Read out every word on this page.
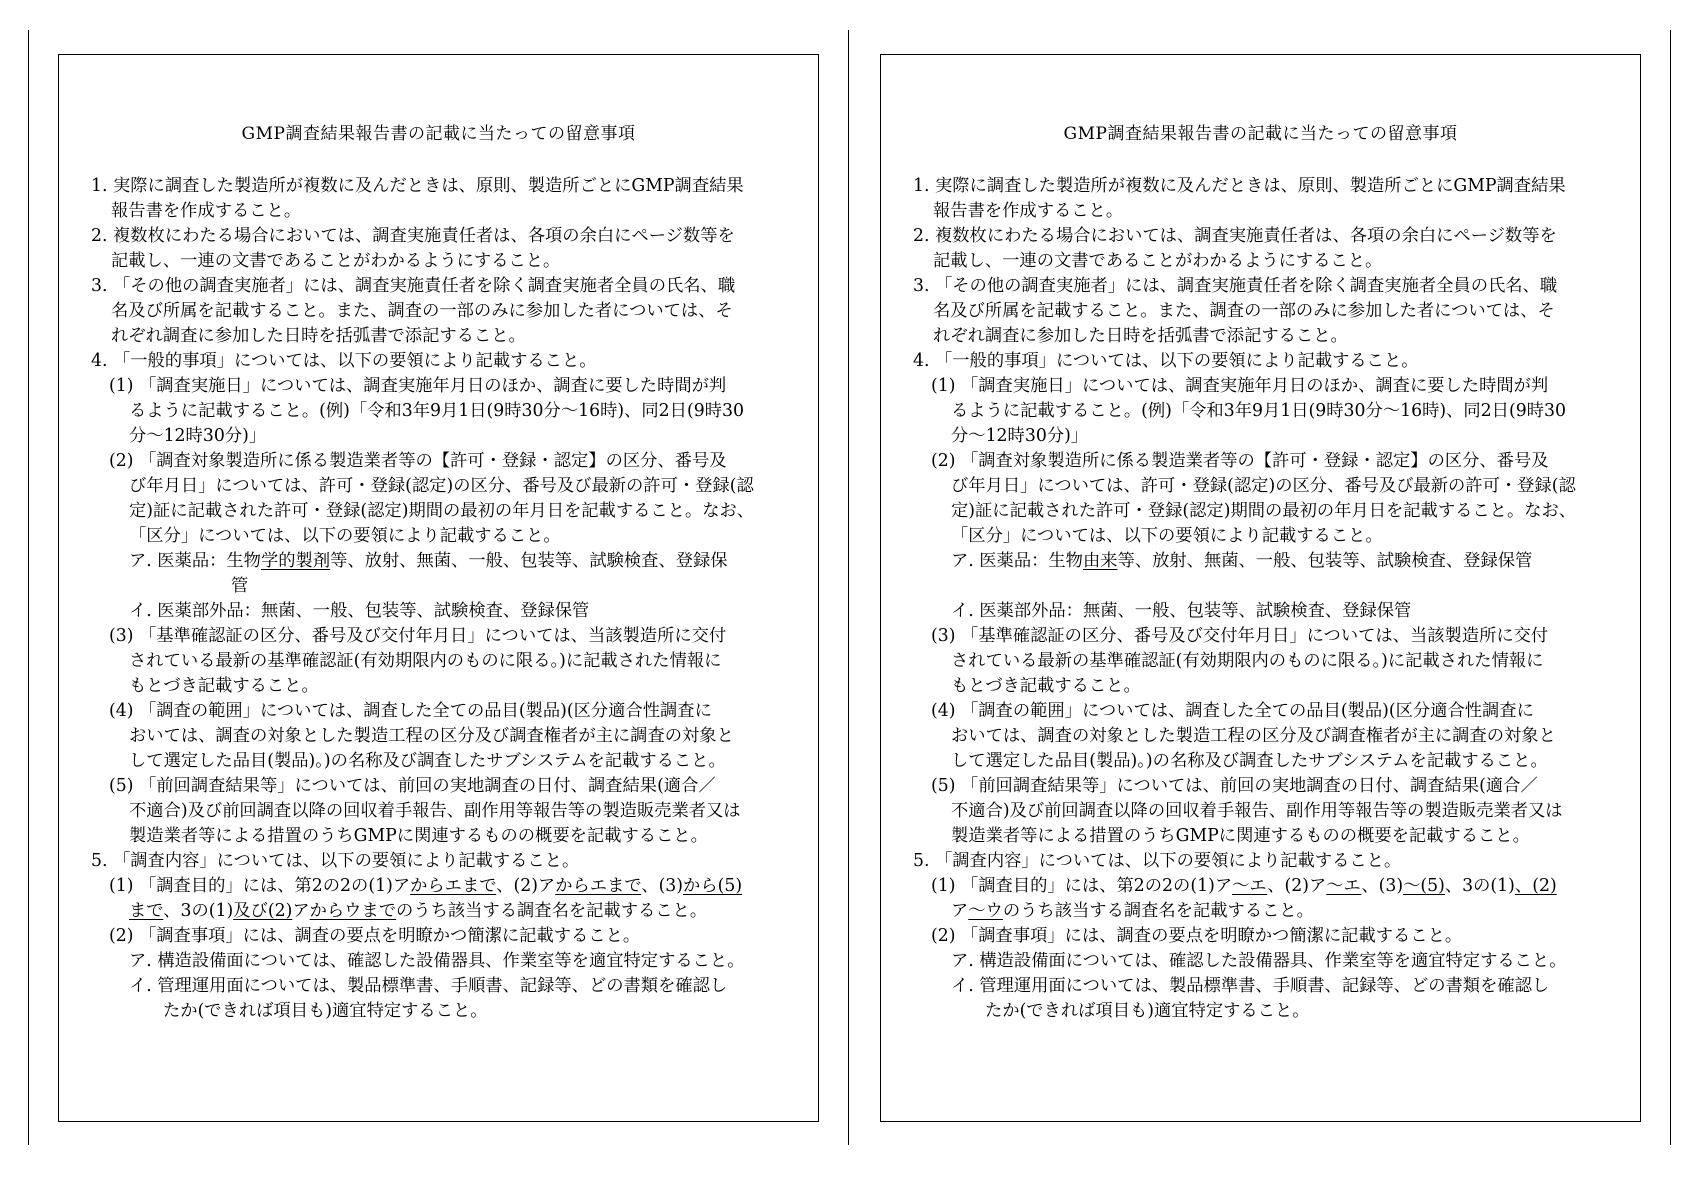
GMP調査結果報告書の記載に当たっての留意事項
1. 実際に調査した製造所が複数に及んだときは、原則、製造所ごとにGMP調査結果
報告書を作成すること。
2. 複数枚にわたる場合においては、調査実施責任者は、各項の余白にページ数等を
記載し、一連の文書であることがわかるようにすること。
3. 「その他の調査実施者」には、調査実施責任者を除く調査実施者全員の氏名、職
名及び所属を記載すること。また、調査の一部のみに参加した者については、そ
れぞれ調査に参加した日時を括弧書で添記すること。
4. 「一般的事項」については、以下の要領により記載すること。
(1) 「調査実施日」については、調査実施年月日のほか、調査に要した時間が判
るように記載すること。(例)「令和3年9月1日(9時30分～16時)、同2日(9時30
分～12時30分)」
(2) 「調査対象製造所に係る製造業者等の【許可・登録・認定】の区分、番号及
び年月日」については、許可・登録(認定)の区分、番号及び最新の許可・登録(認
定)証に記載された許可・登録(認定)期間の最初の年月日を記載すること。なお、
「区分」については、以下の要領により記載すること。
ア. 医薬品：生物学的製剤等、放射、無菌、一般、包装等、試験検査、登録保
管
イ. 医薬部外品：無菌、一般、包装等、試験検査、登録保管
(3) 「基準確認証の区分、番号及び交付年月日」については、当該製造所に交付
されている最新の基準確認証(有効期限内のものに限る。)に記載された情報に
もとづき記載すること。
(4) 「調査の範囲」については、調査した全ての品目(製品)(区分適合性調査に
おいては、調査の対象とした製造工程の区分及び調査権者が主に調査の対象と
して選定した品目(製品)。)の名称及び調査したサブシステムを記載すること。
(5) 「前回調査結果等」については、前回の実地調査の日付、調査結果(適合／
不適合)及び前回調査以降の回収着手報告、副作用等報告等の製造販売業者又は
製造業者等による措置のうちGMPに関連するものの概要を記載すること。
5. 「調査内容」については、以下の要領により記載すること。
(1) 「調査目的」には、第2の2の(1)アからエまで、(2)アからエまで、(3)から(5)
まで、3の(1)及び(2)アからウまでのうち該当する調査名を記載すること。
(2) 「調査事項」には、調査の要点を明瞭かつ簡潔に記載すること。
ア. 構造設備面については、確認した設備器具、作業室等を適宜特定すること。
イ. 管理運用面については、製品標準書、手順書、記録等、どの書類を確認し
たか(できれば項目も)適宜特定すること。
GMP調査結果報告書の記載に当たっての留意事項
1. 実際に調査した製造所が複数に及んだときは、原則、製造所ごとにGMP調査結果
報告書を作成すること。
2. 複数枚にわたる場合においては、調査実施責任者は、各項の余白にページ数等を
記載し、一連の文書であることがわかるようにすること。
3. 「その他の調査実施者」には、調査実施責任者を除く調査実施者全員の氏名、職
名及び所属を記載すること。また、調査の一部のみに参加した者については、そ
れぞれ調査に参加した日時を括弧書で添記すること。
4. 「一般的事項」については、以下の要領により記載すること。
(1) 「調査実施日」については、調査実施年月日のほか、調査に要した時間が判
るように記載すること。(例)「令和3年9月1日(9時30分～16時)、同2日(9時30
分～12時30分)」
(2) 「調査対象製造所に係る製造業者等の【許可・登録・認定】の区分、番号及
び年月日」については、許可・登録(認定)の区分、番号及び最新の許可・登録(認
定)証に記載された許可・登録(認定)期間の最初の年月日を記載すること。なお、
「区分」については、以下の要領により記載すること。
ア. 医薬品：生物由来等、放射、無菌、一般、包装等、試験検査、登録保管
イ. 医薬部外品：無菌、一般、包装等、試験検査、登録保管
(3) 「基準確認証の区分、番号及び交付年月日」については、当該製造所に交付
されている最新の基準確認証(有効期限内のものに限る。)に記載された情報に
もとづき記載すること。
(4) 「調査の範囲」については、調査した全ての品目(製品)(区分適合性調査に
おいては、調査の対象とした製造工程の区分及び調査権者が主に調査の対象と
して選定した品目(製品)。)の名称及び調査したサブシステムを記載すること。
(5) 「前回調査結果等」については、前回の実地調査の日付、調査結果(適合／
不適合)及び前回調査以降の回収着手報告、副作用等報告等の製造販売業者又は
製造業者等による措置のうちGMPに関連するものの概要を記載すること。
5. 「調査内容」については、以下の要領により記載すること。
(1) 「調査目的」には、第2の2の(1)ア～エ、(2)ア～エ、(3)～(5)、3の(1)、(2)
ア～ウのうち該当する調査名を記載すること。
(2) 「調査事項」には、調査の要点を明瞭かつ簡潔に記載すること。
ア. 構造設備面については、確認した設備器具、作業室等を適宜特定すること。
イ. 管理運用面については、製品標準書、手順書、記録等、どの書類を確認し
たか(できれば項目も)適宜特定すること。
